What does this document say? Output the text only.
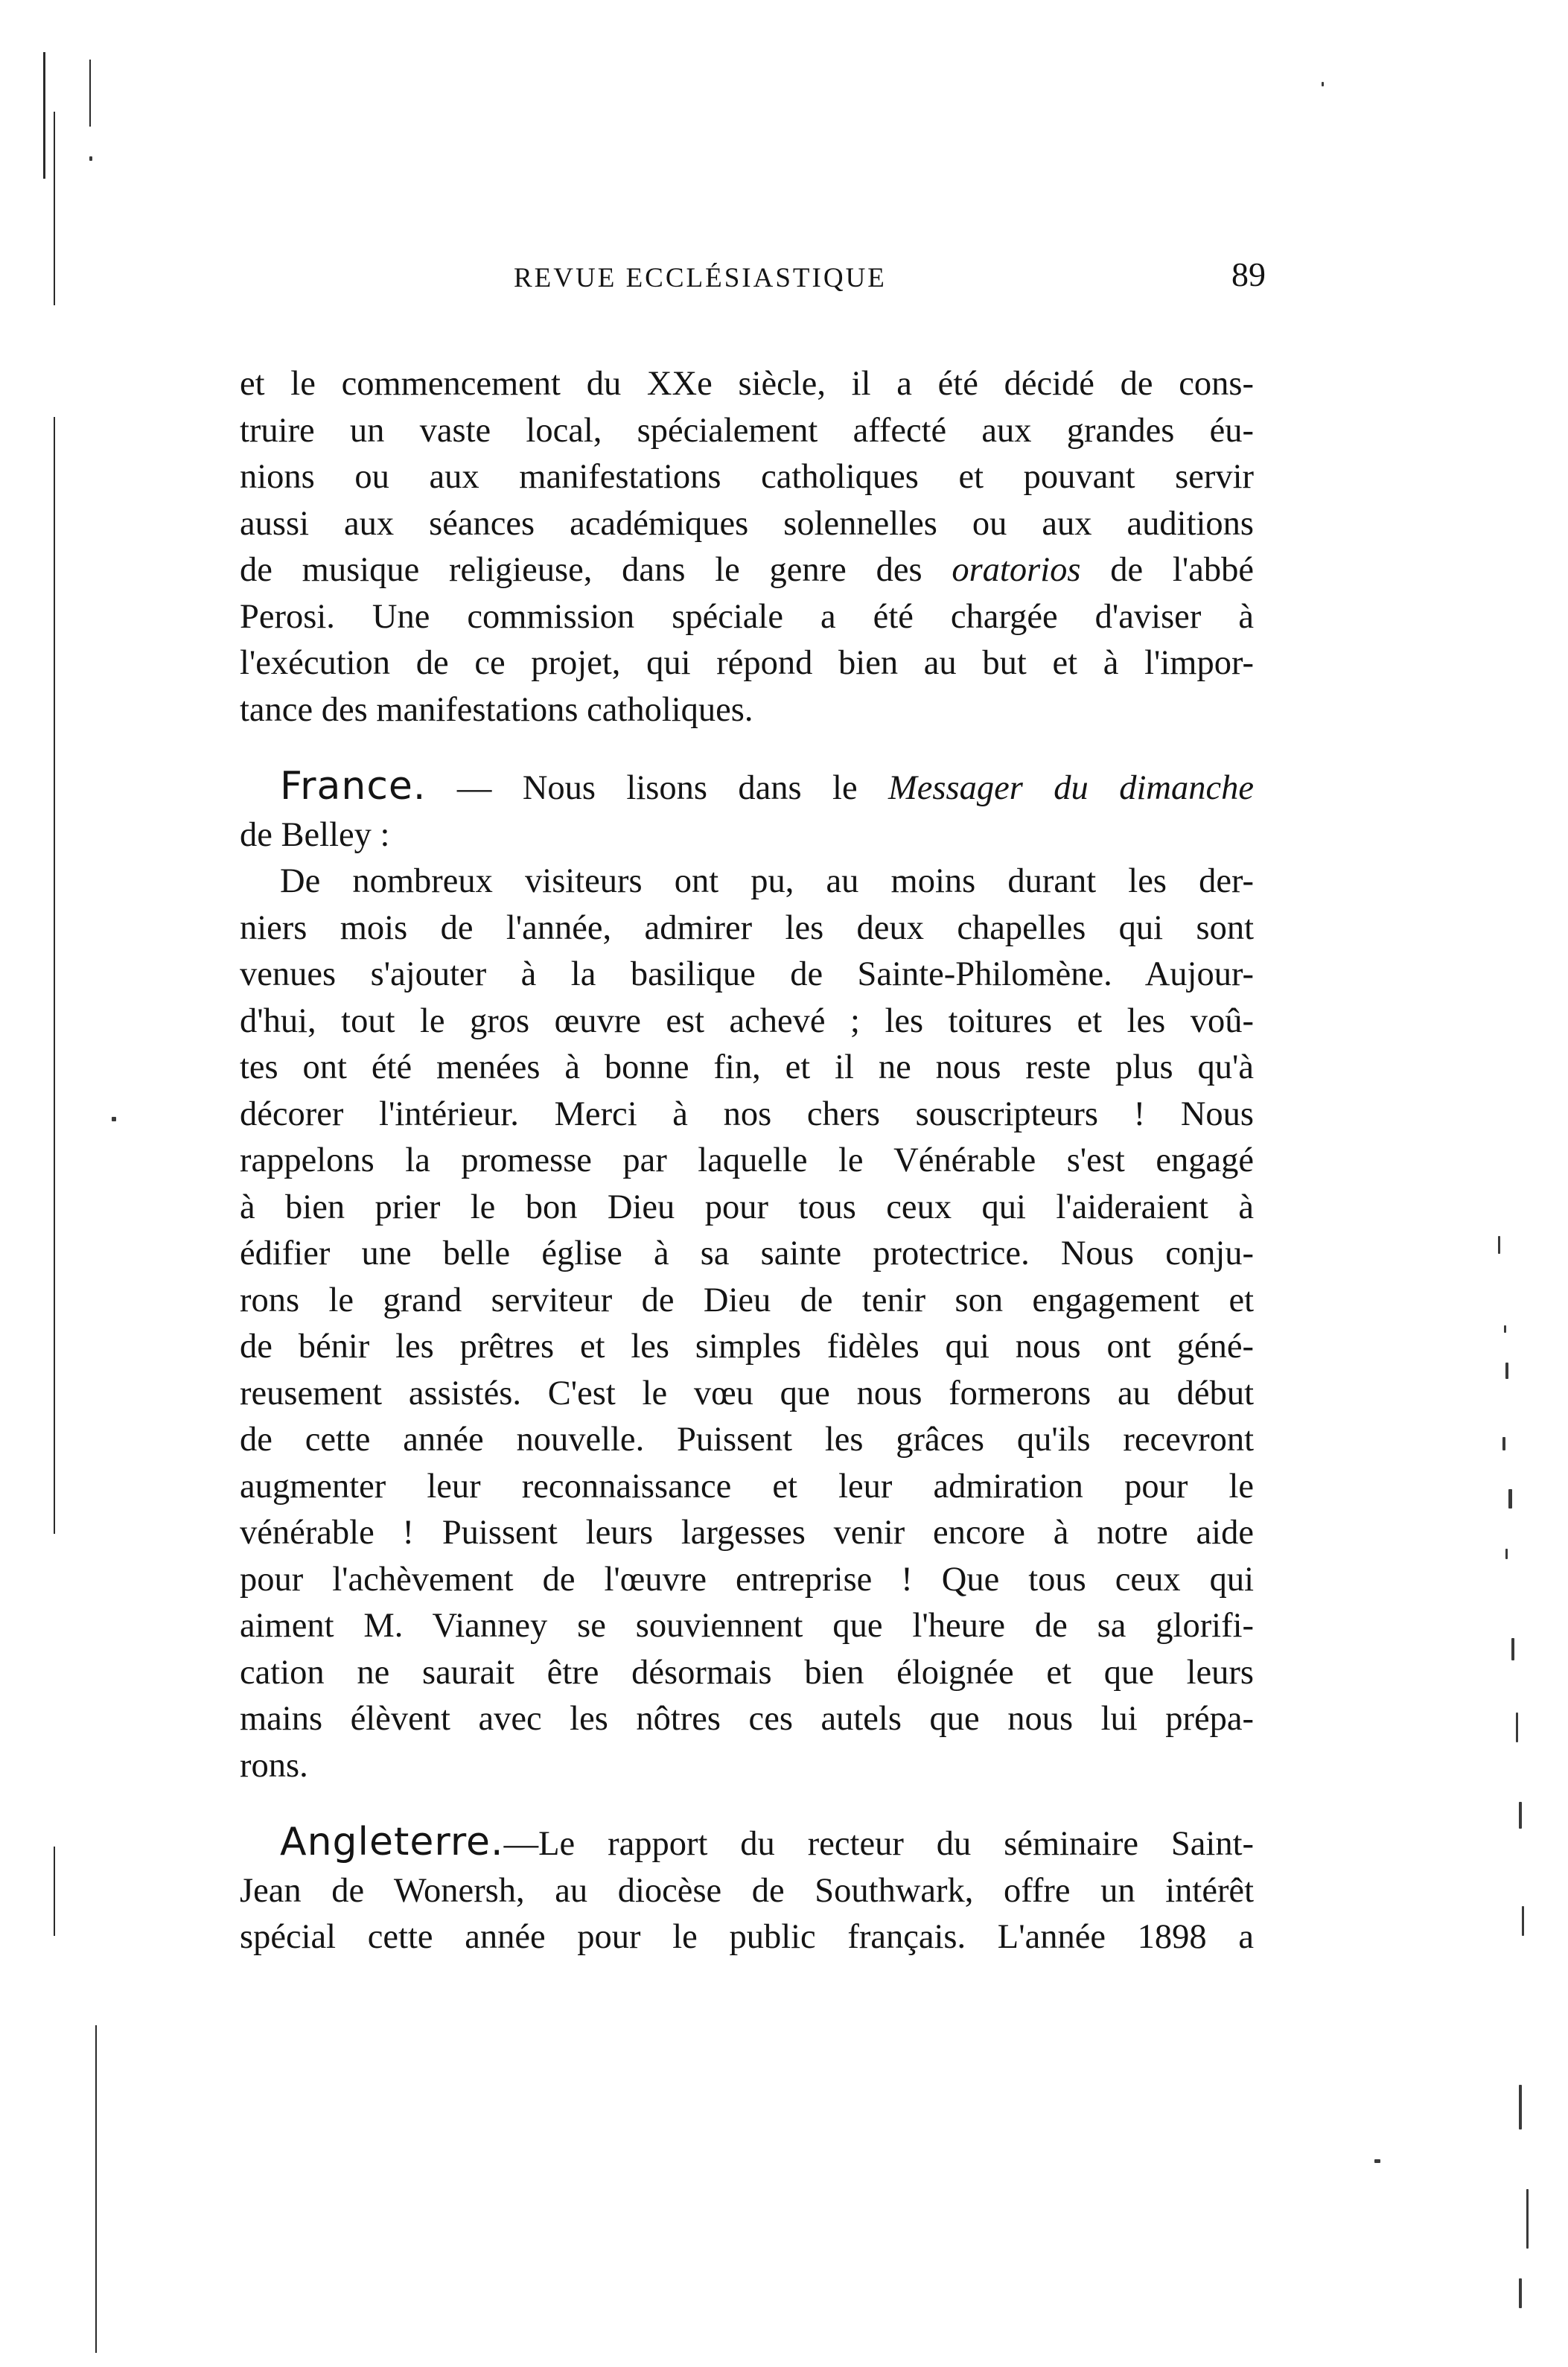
REVUE ECCLÉSIASTIQUE	89

et le commencement du XXe siècle, il a été décidé de cons-
truire un vaste local, spécialement affecté aux grandes éu-
nions ou aux manifestations catholiques et pouvant servir
aussi aux séances académiques solennelles ou aux auditions
de musique religieuse, dans le genre des oratorios de l'abbé
Perosi. Une commission spéciale a été chargée d'aviser à
l'exécution de ce projet, qui répond bien au but et à l'impor-
tance des manifestations catholiques.

France. — Nous lisons dans le Messager du dimanche
de Belley :
De nombreux visiteurs ont pu, au moins durant les der-
niers mois de l'année, admirer les deux chapelles qui sont
venues s'ajouter à la basilique de Sainte-Philomène. Aujour-
d'hui, tout le gros œuvre est achevé ; les toitures et les voû-
tes ont été menées à bonne fin, et il ne nous reste plus qu'à
décorer l'intérieur. Merci à nos chers souscripteurs ! Nous
rappelons la promesse par laquelle le Vénérable s'est engagé
à bien prier le bon Dieu pour tous ceux qui l'aideraient à
édifier une belle église à sa sainte protectrice. Nous conju-
rons le grand serviteur de Dieu de tenir son engagement et
de bénir les prêtres et les simples fidèles qui nous ont géné-
reusement assistés. C'est le vœu que nous formerons au début
de cette année nouvelle. Puissent les grâces qu'ils recevront
augmenter leur reconnaissance et leur admiration pour le
vénérable ! Puissent leurs largesses venir encore à notre aide
pour l'achèvement de l'œuvre entreprise ! Que tous ceux qui
aiment M. Vianney se souviennent que l'heure de sa glorifi-
cation ne saurait être désormais bien éloignée et que leurs
mains élèvent avec les nôtres ces autels que nous lui prépa-
rons.

Angleterre.—Le rapport du recteur du séminaire Saint-
Jean de Wonersh, au diocèse de Southwark, offre un intérêt
spécial cette année pour le public français. L'année 1898 a
